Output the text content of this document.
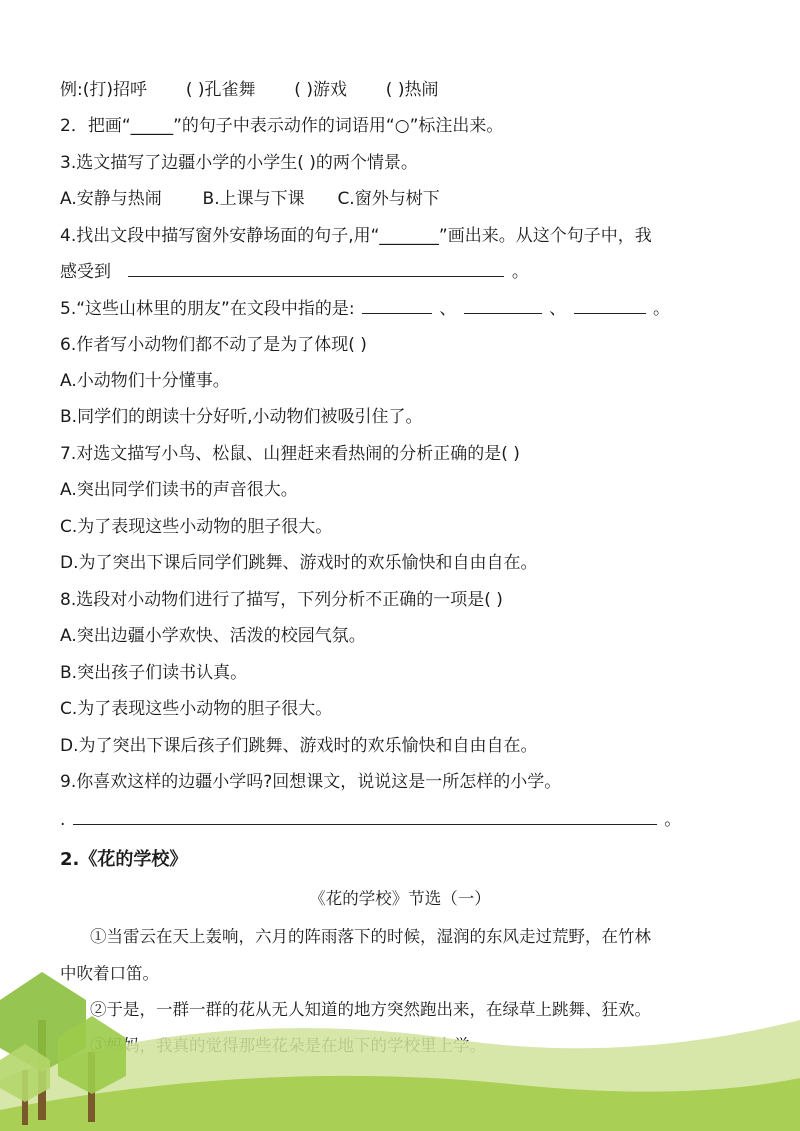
例:(打)招呼 ( )孔雀舞 ( )游戏 ( )热闹
2．把画“_____”的句子中表示动作的词语用“○”标注出来。
3.选文描写了边疆小学的小学生( )的两个情景。
A.安静与热闹 B.上课与下课 C.窗外与树下
4.找出文段中描写窗外安静场面的句子,用“_______”画出来。从这个句子中，我
感受到	。
5.“这些山林里的朋友”在文段中指的是:	、	、	。
6.作者写小动物们都不动了是为了体现( )
A.小动物们十分懂事。
B.同学们的朗读十分好听,小动物们被吸引住了。
7.对选文描写小鸟、松鼠、山狸赶来看热闹的分析正确的是( )
A.突出同学们读书的声音很大。
C.为了表现这些小动物的胆子很大。
D.为了突出下课后同学们跳舞、游戏时的欢乐愉快和自由自在。
8.选段对小动物们进行了描写，下列分析不正确的一项是( )
A.突出边疆小学欢快、活泼的校园气氛。
B.突出孩子们读书认真。
C.为了表现这些小动物的胆子很大。
D.为了突出下课后孩子们跳舞、游戏时的欢乐愉快和自由自在。
9.你喜欢这样的边疆小学吗?回想课文，说说这是一所怎样的小学。
.	。
2.《花的学校》
《花的学校》节选（一）
①当雷云在天上轰响，六月的阵雨落下的时候，湿润的东风走过荒野，在竹林
中吹着口笛。
②于是，一群一群的花从无人知道的地方突然跑出来，在绿草上跳舞、狂欢。
